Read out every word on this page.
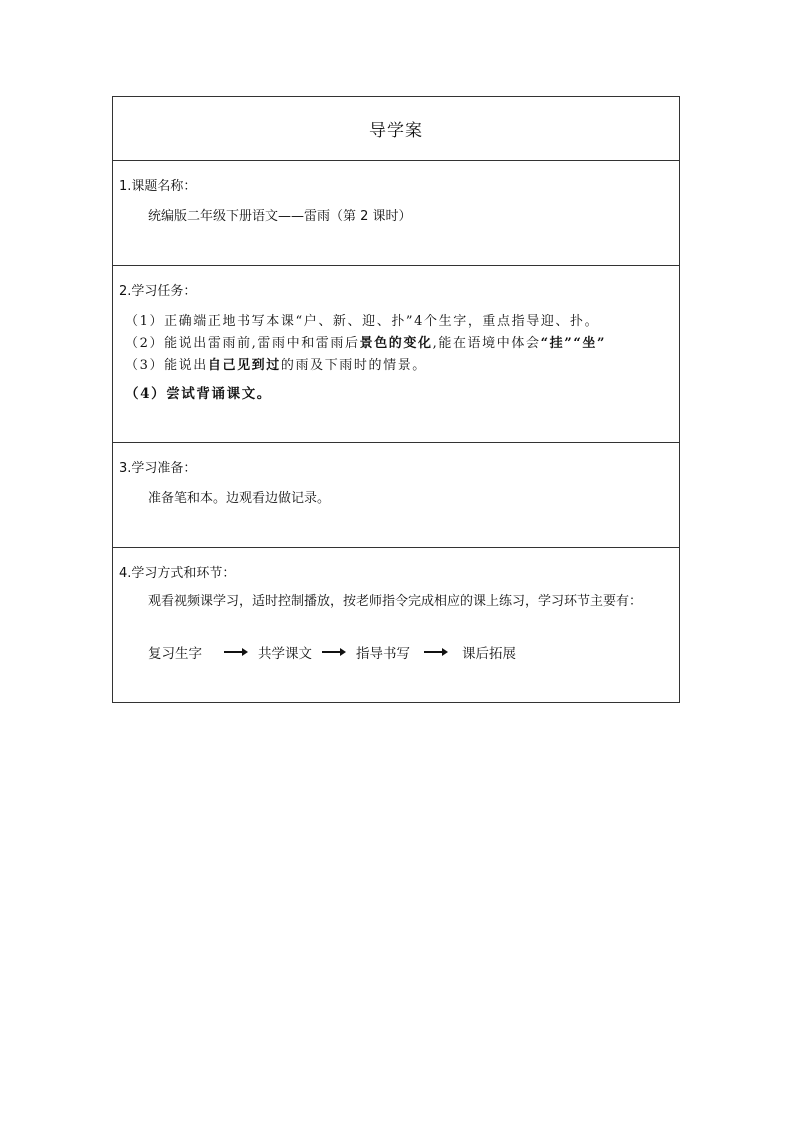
导学案
1.课题名称：
统编版二年级下册语文——雷雨（第 2 课时）
2.学习任务：
（1）正确端正地书写本课“户、新、迎、扑”4个生字，重点指导迎、扑。
（2）能说出雷雨前,雷雨中和雷雨后景色的变化,能在语境中体会“挂”“坐”
（3）能说出自己见到过的雨及下雨时的情景。
（4）尝试背诵课文。
3.学习准备：
准备笔和本。边观看边做记录。
4.学习方式和环节：
观看视频课学习，适时控制播放，按老师指令完成相应的课上练习，学习环节主要有：
复习生字	共学课文	指导书写	课后拓展
